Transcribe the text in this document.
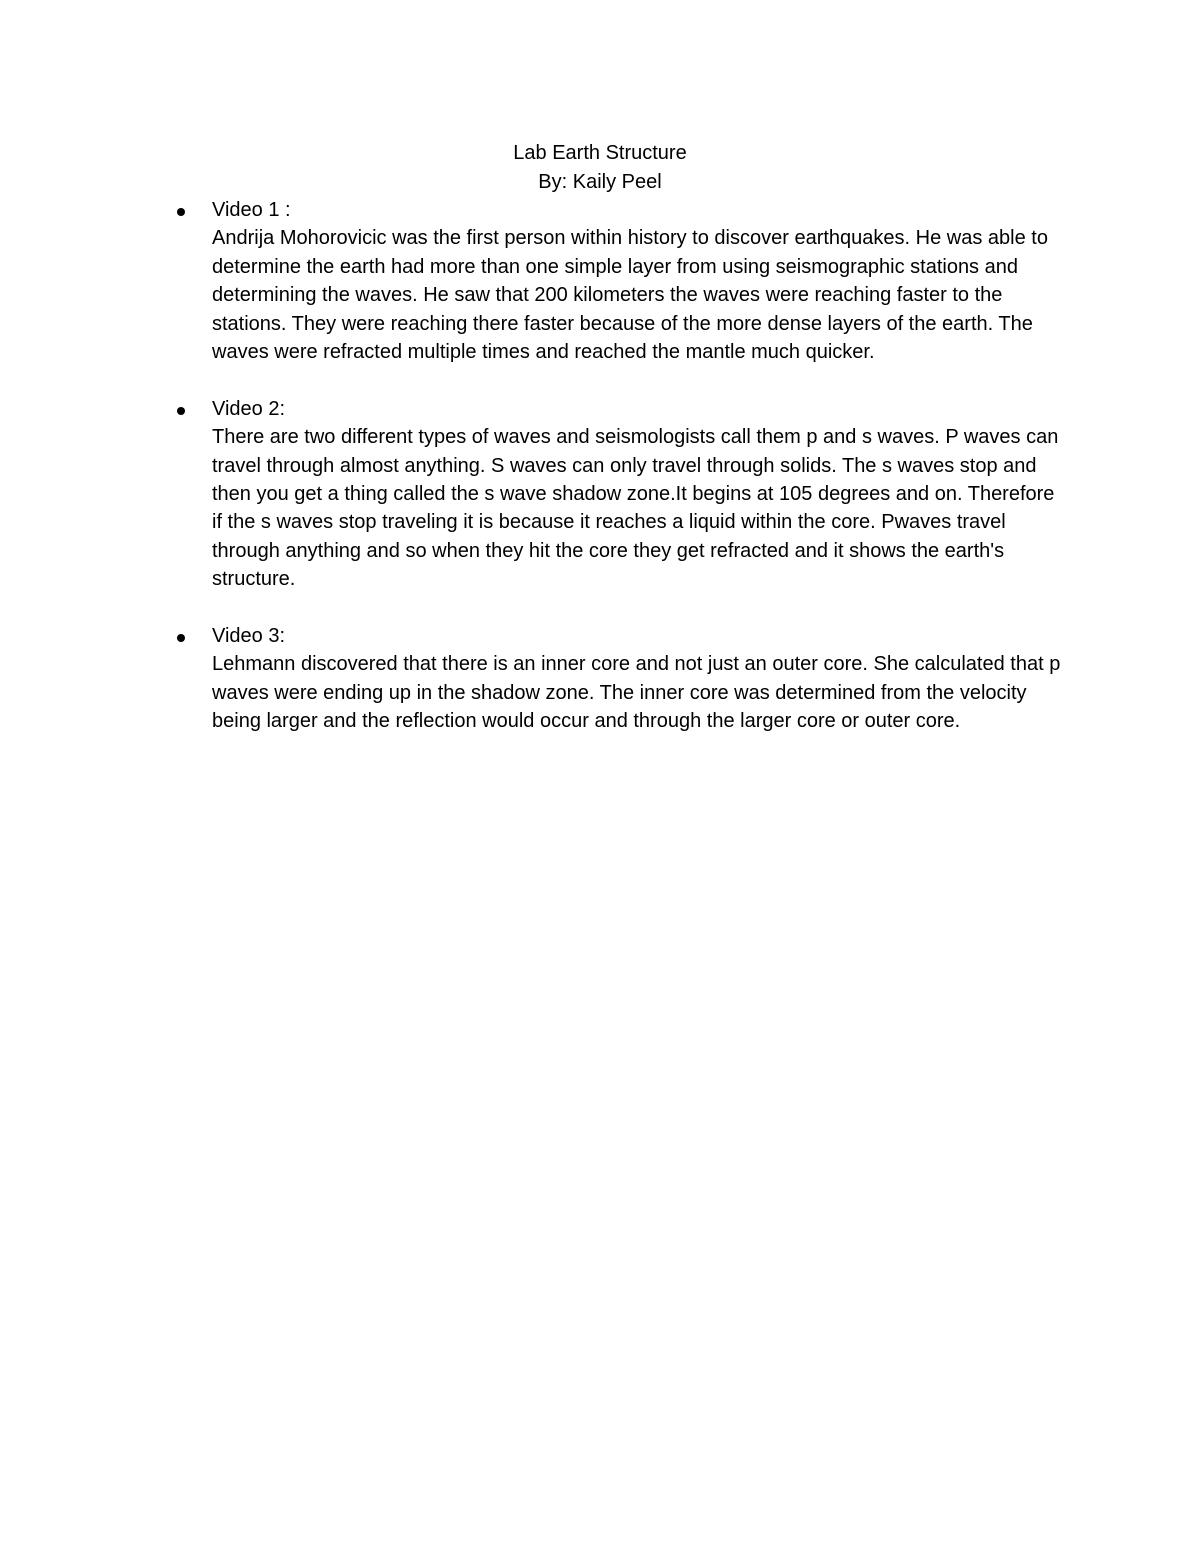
Lab Earth Structure
By: Kaily Peel
Video 1 :
Andrija Mohorovicic was the first person within history to discover earthquakes. He was able to determine the earth had more than one simple layer from using seismographic stations and determining the waves. He saw that 200 kilometers the waves were reaching faster to the stations. They were reaching there faster because of the more dense layers of the earth. The waves were refracted multiple times and reached the mantle much quicker.
Video 2:
There are two different types of waves and seismologists call them p and s waves. P waves can travel through almost anything. S waves can only travel through solids. The s waves stop and then you get a thing called the s wave shadow zone.It begins at 105 degrees and on. Therefore if the s waves stop traveling it is because it reaches a liquid within the core. Pwaves travel through anything and so when they hit the core they get refracted and it shows the earth's structure.
Video 3:
Lehmann discovered that there is an inner core and not just an outer core. She calculated that p waves were ending up in the shadow zone. The inner core was determined from the velocity being larger and the reflection would occur and through the larger core or outer core.
